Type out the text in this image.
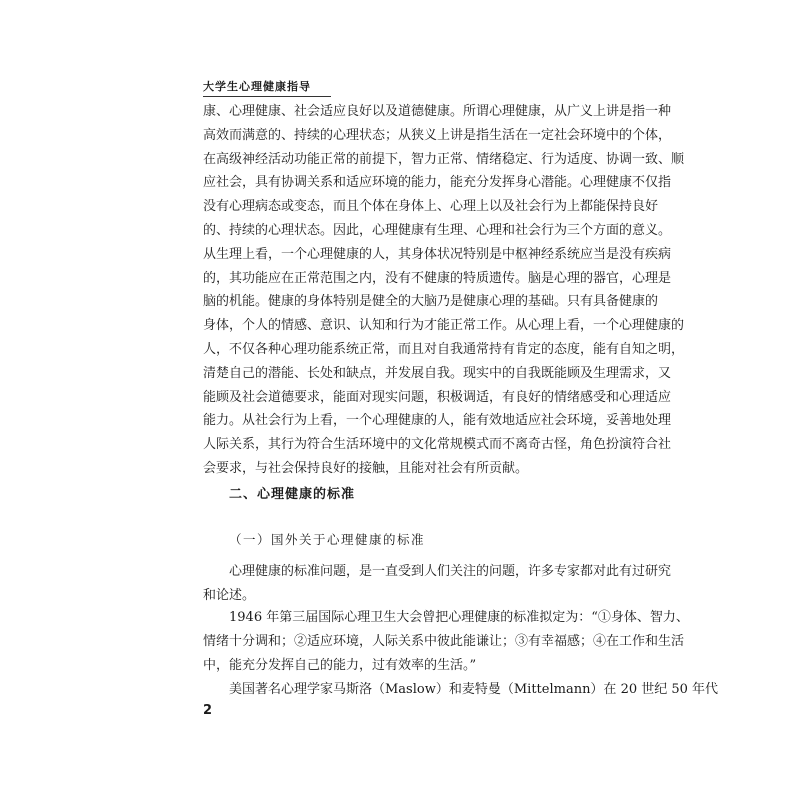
大学生心理健康指导
康、心理健康、社会适应良好以及道德健康。所谓心理健康，从广义上讲是指一种
高效而满意的、持续的心理状态；从狭义上讲是指生活在一定社会环境中的个体，
在高级神经活动功能正常的前提下，智力正常、情绪稳定、行为适度、协调一致、顺
应社会，具有协调关系和适应环境的能力，能充分发挥身心潜能。心理健康不仅指
没有心理病态或变态，而且个体在身体上、心理上以及社会行为上都能保持良好
的、持续的心理状态。因此，心理健康有生理、心理和社会行为三个方面的意义。
从生理上看，一个心理健康的人，其身体状况特别是中枢神经系统应当是没有疾病
的，其功能应在正常范围之内，没有不健康的特质遗传。脑是心理的器官，心理是
脑的机能。健康的身体特别是健全的大脑乃是健康心理的基础。只有具备健康的
身体，个人的情感、意识、认知和行为才能正常工作。从心理上看，一个心理健康的
人，不仅各种心理功能系统正常，而且对自我通常持有肯定的态度，能有自知之明，
清楚自己的潜能、长处和缺点，并发展自我。现实中的自我既能顾及生理需求，又
能顾及社会道德要求，能面对现实问题，积极调适，有良好的情绪感受和心理适应
能力。从社会行为上看，一个心理健康的人，能有效地适应社会环境，妥善地处理
人际关系，其行为符合生活环境中的文化常规模式而不离奇古怪，角色扮演符合社
会要求，与社会保持良好的接触，且能对社会有所贡献。
二、心理健康的标准
（一）国外关于心理健康的标准
心理健康的标准问题，是一直受到人们关注的问题，许多专家都对此有过研究
和论述。
1946 年第三届国际心理卫生大会曾把心理健康的标准拟定为：“①身体、智力、
情绪十分调和；②适应环境，人际关系中彼此能谦让；③有幸福感；④在工作和生活
中，能充分发挥自己的能力，过有效率的生活。”
美国著名心理学家马斯洛（Maslow）和麦特曼（Mittelmann）在 20 世纪 50 年代
2
